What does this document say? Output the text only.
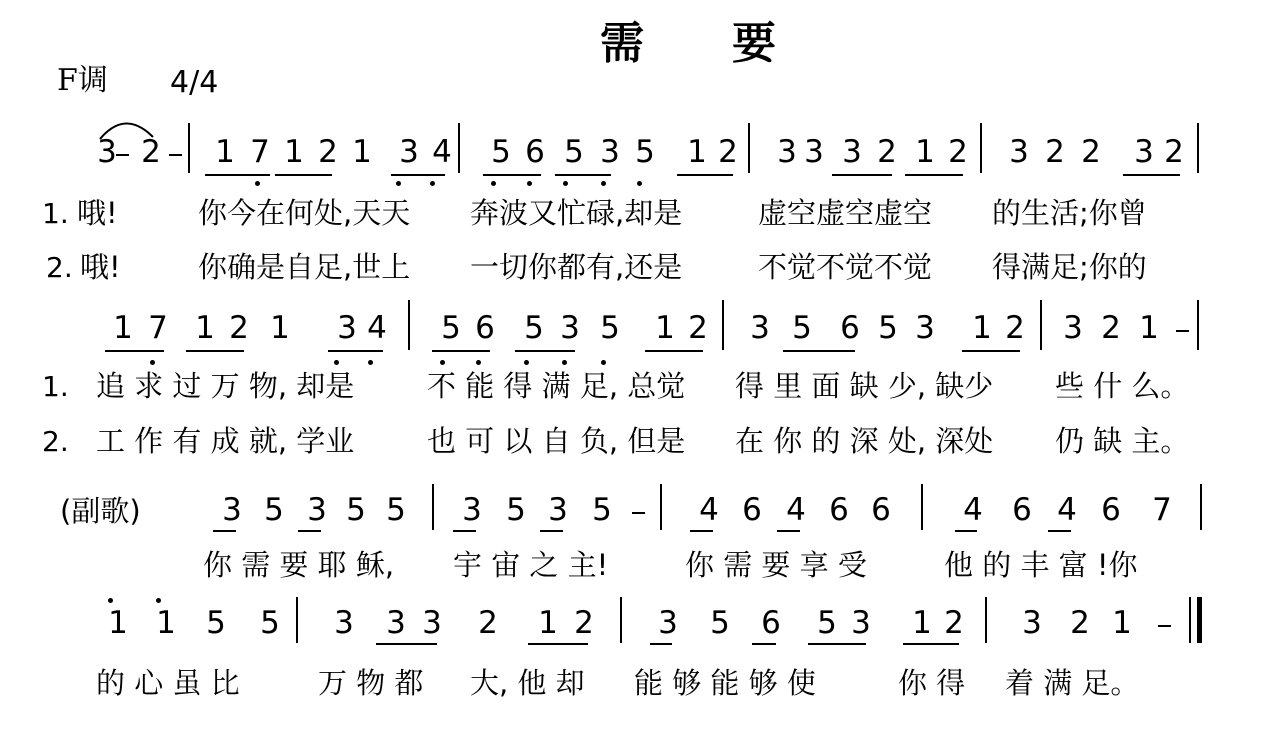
需　　要
F调 4/4
1.
2.
1.
2.
(副歌)
哦!	你今在何处,天天 奔波又忙碌,却是	虚空虚空虚空 的生活;你曾
哦!	你确是自足,世上 一切你都有,还是	不觉不觉不觉 得满足;你的
追 求 过 万 物, 却是	不 能 得 满 足, 总觉 得 里 面 缺 少, 缺少 些 什 么。
工 作 有 成 就, 学业	也 可 以 自 负, 但是 在 你 的 深 处, 深处 仍 缺 主。
你 需 要 耶 稣, 宇 宙 之 主!	你 需 要 享 受	他 的 丰 富 !你
的 心 虽 比	万 物 都 大, 他 却 能 够 能 够 使	你 得 着 满 足。
3 2 1 7 1 2 1 3 4 5 6 5 3 5 1 2 3 3 3 2 1 2 3 2 2 3 2
1 7 1 2 1 3 4 5 6 5 3 5 1 2 3 5 6 5 3 1 2 3 2 1
3 5 3 5 5 3 5 3 5	4 6 4 6 6 4 6 4 6 7
1 1 5 5 3 3 3 2 1 2 3 5 6 5 3 1 2 3 2 1
